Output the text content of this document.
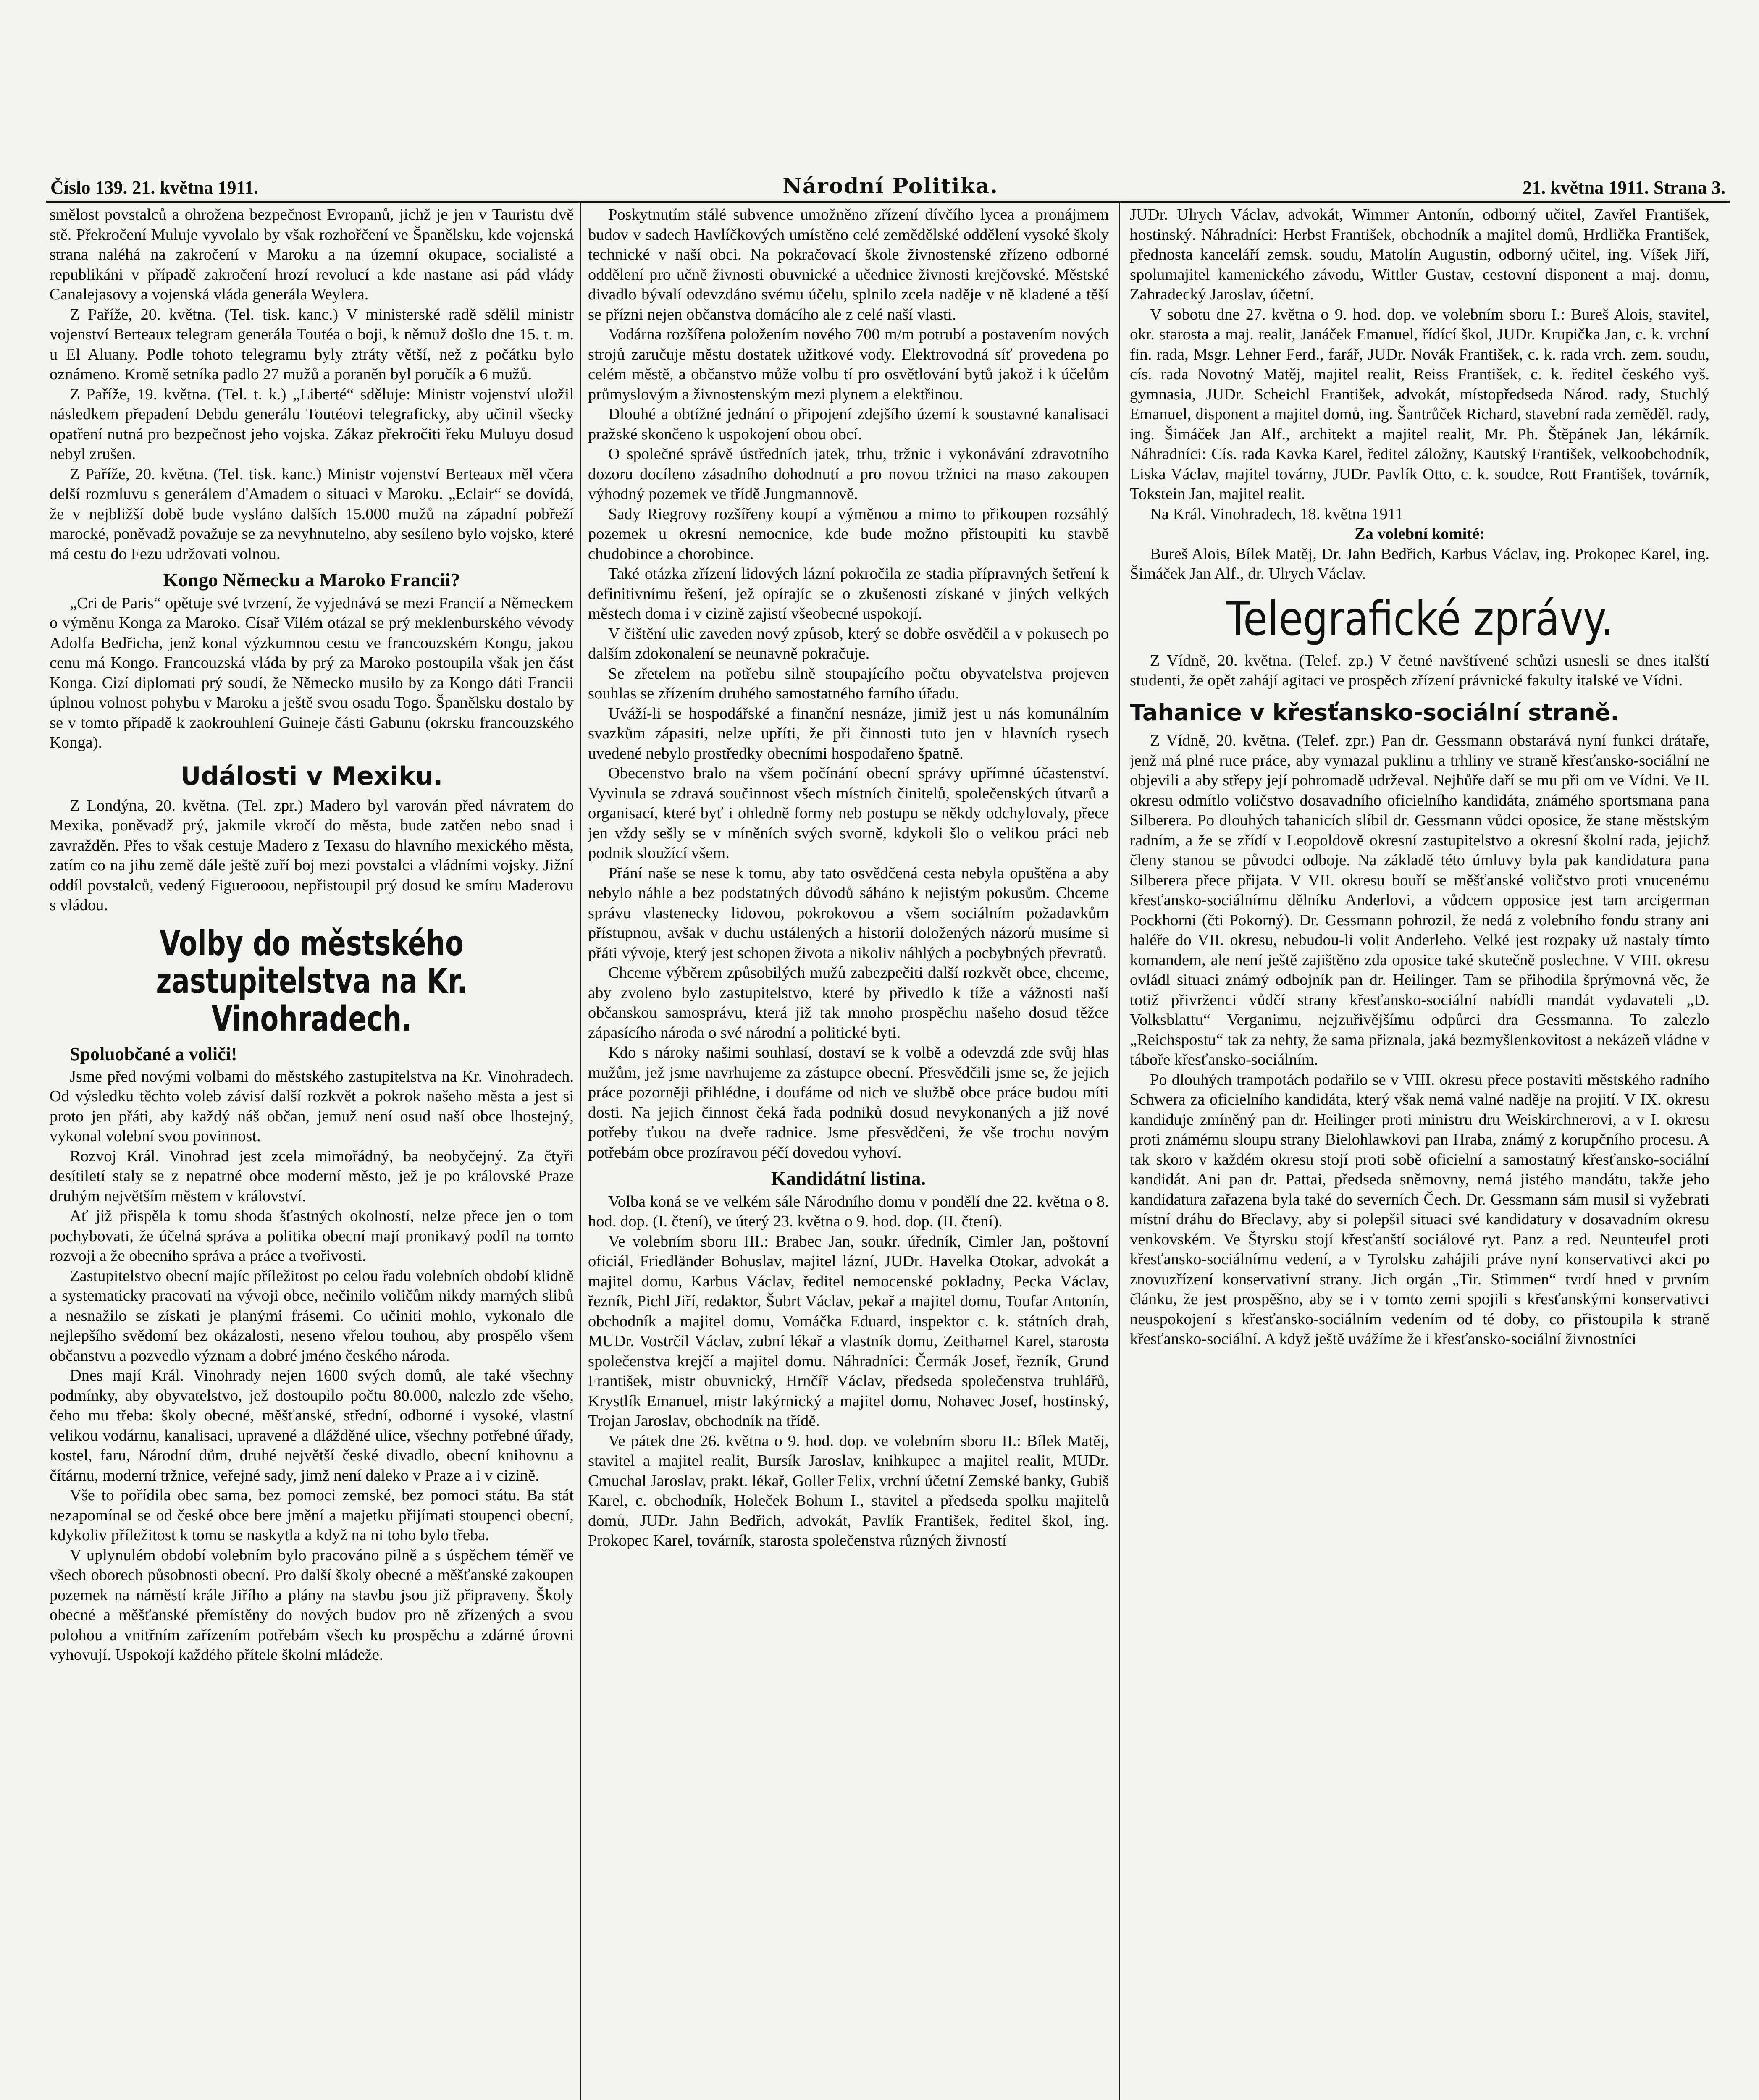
Číslo 139. 21. května 1911.	Národní Politika.	21. května 1911. Strana 3.

smělost povstalců a ohrožena bezpečnost Evropanů, jichž je jen v Tauristu dvě stě. Překročení Muluje vyvolalo by však rozhořčení ve Španělsku, kde vojenská strana naléhá na zakročení v Maroku a na územní okupace, socialisté a republikáni v případě zakročení hrozí revolucí a kde nastane asi pád vlády Canalejasovy a vojenská vláda generála Weylera.

Z Paříže, 20. května. (Tel. tisk. kanc.) V ministerské radě sdělil ministr vojenství Berteaux telegram generála Toutéa o boji, k němuž došlo dne 15. t. m. u El Aluany. Podle tohoto telegramu byly ztráty větší, než z počátku bylo oznámeno. Kromě setníka padlo 27 mužů a poraněn byl poručík a 6 mužů.

Z Paříže, 19. května. (Tel. t. k.) „Liberté“ sděluje: Ministr vojenství uložil následkem přepadení Debdu generálu Toutéovi telegraficky, aby učinil všecky opatření nutná pro bezpečnost jeho vojska. Zákaz překročiti řeku Muluyu dosud nebyl zrušen.

Z Paříže, 20. května. (Tel. tisk. kanc.) Ministr vojenství Berteaux měl včera delší rozmluvu s generálem d'Amadem o situaci v Maroku. „Eclair“ se dovídá, že v nejbližší době bude vysláno dalších 15.000 mužů na západní pobřeží marocké, poněvadž považuje se za nevyhnutelno, aby sesíleno bylo vojsko, které má cestu do Fezu udržovati volnou.

Kongo Německu a Maroko Francii?

„Cri de Paris“ opětuje své tvrzení, že vyjednává se mezi Francií a Německem o výměnu Konga za Maroko. Císař Vilém otázal se prý meklenburského vévody Adolfa Bedřicha, jenž konal výzkumnou cestu ve francouzském Kongu, jakou cenu má Kongo. Francouzská vláda by prý za Maroko postoupila však jen část Konga. Cizí diplomati prý soudí, že Německo musilo by za Kongo dáti Francii úplnou volnost pohybu v Maroku a ještě svou osadu Togo. Španělsku dostalo by se v tomto případě k zaokrouhlení Guineje části Gabunu (okrsku francouzského Konga).

Události v Mexiku.

Z Londýna, 20. května. (Tel. zpr.) Madero byl varován před návratem do Mexika, poněvadž prý, jakmile vkročí do města, bude zatčen nebo snad i zavražděn. Přes to však cestuje Madero z Texasu do hlavního mexického města, zatím co na jihu země dále ještě zuří boj mezi povstalci a vládními vojsky. Jižní oddíl povstalců, vedený Figuerooou, nepřistoupil prý dosud ke smíru Maderovu s vládou.

Volby do městského zastupitelstva na Kr. Vinohradech.
Spoluobčané a voliči!

Jsme před novými volbami do městského zastupitelstva na Kr. Vinohradech. Od výsledku těchto voleb závisí další rozkvět a pokrok našeho města a jest si proto jen přáti, aby každý náš občan, jemuž není osud naší obce lhostejný, vykonal volební svou povinnost.

Rozvoj Král. Vinohrad jest zcela mimořádný, ba neobyčejný. Za čtyři desítiletí staly se z nepatrné obce moderní město, jež je po královské Praze druhým největším městem v království.

Ať již přispěla k tomu shoda šťastných okolností, nelze přece jen o tom pochybovati, že účelná správa a politika obecní mají pronikavý podíl na tomto rozvoji a že obecního správa a práce a tvořivosti.

Zastupitelstvo obecní majíc příležitost po celou řadu volebních období klidně a systematicky pracovati na vývoji obce, nečinilo voličům nikdy marných slibů a nesnažilo se získati je planými frásemi. Co učiniti mohlo, vykonalo dle nejlepšího svědomí bez okázalosti, neseno vřelou touhou, aby prospělo všem občanstvu a pozvedlo význam a dobré jméno českého národa.

Dnes mají Král. Vinohrady nejen 1600 svých domů, ale také všechny podmínky, aby obyvatelstvo, jež dostoupilo počtu 80.000, nalezlo zde všeho, čeho mu třeba: školy obecné, měšťanské, střední, odborné i vysoké, vlastní velikou vodárnu, kanalisaci, upravené a dlážděné ulice, všechny potřebné úřady, kostel, faru, Národní dům, druhé největší české divadlo, obecní knihovnu a čítárnu, moderní tržnice, veřejné sady, jimž není daleko v Praze a i v cizině.

Vše to pořídila obec sama, bez pomoci zemské, bez pomoci státu. Ba stát nezapomínal se od české obce bere jmění a majetku přijímati stoupenci obecní, kdykoliv příležitost k tomu se naskytla a když na ni toho bylo třeba.

V uplynulém období volebním bylo pracováno pilně a s úspěchem téměř ve všech oborech působnosti obecní. Pro další školy obecné a měšťanské zakoupen pozemek na náměstí krále Jiřího a plány na stavbu jsou již připraveny. Školy obecné a měšťanské přemístěny do nových budov pro ně zřízených a svou polohou a vnitřním zařízením potřebám všech ku prospěchu a zdárné úrovni vyhovují. Uspokojí každého přítele školní mládeže.

Poskytnutím stálé subvence umožněno zřízení dívčího lycea a pronájmem budov v sadech Havlíčkových umístěno celé zemědělské oddělení vysoké školy technické v naší obci. Na pokračovací škole živnostenské zřízeno odborné oddělení pro učně živnosti obuvnické a učednice živnosti krejčovské. Městské divadlo bývalí odevzdáno svému účelu, splnilo zcela naděje v ně kladené a těší se přízni nejen občanstva domácího ale z celé naší vlasti.

Vodárna rozšířena položením nového 700 m/m potrubí a postavením nových strojů zaručuje městu dostatek užitkové vody. Elektrovodná síť provedena po celém městě, a občanstvo může volbu tí pro osvětlování bytů jakož i k účelům průmyslovým a živnostenským mezi plynem a elektřinou.

Dlouhé a obtížné jednání o připojení zdejšího území k soustavné kanalisaci pražské skončeno k uspokojení obou obcí.

O společné správě ústředních jatek, trhu, tržnic i vykonávání zdravotního dozoru docíleno zásadního dohodnutí a pro novou tržnici na maso zakoupen výhodný pozemek ve třídě Jungmannově.

Sady Riegrovy rozšířeny koupí a výměnou a mimo to přikoupen rozsáhlý pozemek u okresní nemocnice, kde bude možno přistoupiti ku stavbě chudobince a chorobince.

Také otázka zřízení lidových lázní pokročila ze stadia přípravných šetření k definitivnímu řešení, jež opírajíc se o zkušenosti získané v jiných velkých městech doma i v cizině zajistí všeobecné uspokojí.

V čištění ulic zaveden nový způsob, který se dobře osvědčil a v pokusech po dalším zdokonalení se neunavně pokračuje.

Se zřetelem na potřebu silně stoupajícího počtu obyvatelstva projeven souhlas se zřízením druhého samostatného farního úřadu.

Uváží-li se hospodářské a finanční nesnáze, jimiž jest u nás komunálním svazkům zápasiti, nelze upříti, že při činnosti tuto jen v hlavních rysech uvedené nebylo prostředky obecními hospodařeno špatně.

Obecenstvo bralo na všem počínání obecní správy upřímné účastenství. Vyvinula se zdravá součinnost všech místních činitelů, společenských útvarů a organisací, které byť i ohledně formy neb postupu se někdy odchylovaly, přece jen vždy sešly se v míněních svých svorně, kdykoli šlo o velikou práci neb podnik sloužící všem.

Přání naše se nese k tomu, aby tato osvědčená cesta nebyla opuštěna a aby nebylo náhle a bez podstatných důvodů sáháno k nejistým pokusům. Chceme správu vlastenecky lidovou, pokrokovou a všem sociálním požadavkům přístupnou, avšak v duchu ustálených a historií doložených názorů musíme si přáti vývoje, který jest schopen života a nikoliv náhlých a pocbybných převratů.

Chceme výběrem způsobilých mužů zabezpečiti další rozkvět obce, chceme, aby zvoleno bylo zastupitelstvo, které by přivedlo k tíže a vážnosti naší občanskou samosprávu, která již tak mnoho prospěchu našeho dosud těžce zápasícího národa o své národní a politické byti.

Kdo s nároky našimi souhlasí, dostaví se k volbě a odevzdá zde svůj hlas mužům, jež jsme navrhujeme za zástupce obecní. Přesvědčili jsme se, že jejich práce pozorněji přihlédne, i doufáme od nich ve službě obce práce budou míti dosti. Na jejich činnost čeká řada podniků dosud nevykonaných a již nové potřeby ťukou na dveře radnice. Jsme přesvědčeni, že vše trochu novým potřebám obce prozíravou péčí dovedou vyhoví.

Kandidátní listina.

Volba koná se ve velkém sále Národního domu v pondělí dne 22. května o 8. hod. dop. (I. čtení), ve úterý 23. května o 9. hod. dop. (II. čtení).

Ve volebním sboru III.: Brabec Jan, soukr. úředník, Cimler Jan, poštovní oficiál, Friedländer Bohuslav, majitel lázní, JUDr. Havelka Otokar, advokát a majitel domu, Karbus Václav, ředitel nemocenské pokladny, Pecka Václav, řezník, Pichl Jiří, redaktor, Šubrt Václav, pekař a majitel domu, Toufar Antonín, obchodník a majitel domu, Vomáčka Eduard, inspektor c. k. státních drah, MUDr. Vostrčil Václav, zubní lékař a vlastník domu, Zeithamel Karel, starosta společenstva krejčí a majitel domu. Náhradníci: Čermák Josef, řezník, Grund František, mistr obuvnický, Hrnčíř Václav, předseda společenstva truhlářů, Krystlík Emanuel, mistr lakýrnický a majitel domu, Nohavec Josef, hostinský, Trojan Jaroslav, obchodník na třídě.

Ve pátek dne 26. května o 9. hod. dop. ve volebním sboru II.: Bílek Matěj, stavitel a majitel realit, Bursík Jaroslav, knihkupec a majitel realit, MUDr. Cmuchal Jaroslav, prakt. lékař, Goller Felix, vrchní účetní Zemské banky, Gubiš Karel, c. obchodník, Holeček Bohum I., stavitel a předseda spolku majitelů domů, JUDr. Jahn Bedřich, advokát, Pavlík František, ředitel škol, ing. Prokopec Karel, továrník, starosta společenstva různých živností

JUDr. Ulrych Václav, advokát, Wimmer Antonín, odborný učitel, Zavřel František, hostinský. Náhradníci: Herbst František, obchodník a majitel domů, Hrdlička František, přednosta kanceláří zemsk. soudu, Matolín Augustin, odborný učitel, ing. Víšek Jiří, spolumajitel kamenického závodu, Wittler Gustav, cestovní disponent a maj. domu, Zahradecký Jaroslav, účetní.

V sobotu dne 27. května o 9. hod. dop. ve volebním sboru I.: Bureš Alois, stavitel, okr. starosta a maj. realit, Janáček Emanuel, řídící škol, JUDr. Krupička Jan, c. k. vrchní fin. rada, Msgr. Lehner Ferd., farář, JUDr. Novák František, c. k. rada vrch. zem. soudu, cís. rada Novotný Matěj, majitel realit, Reiss František, c. k. ředitel českého vyš. gymnasia, JUDr. Scheichl František, advokát, místopředseda Národ. rady, Stuchlý Emanuel, disponent a majitel domů, ing. Šantrůček Richard, stavební rada zeměděl. rady, ing. Šimáček Jan Alf., architekt a majitel realit, Mr. Ph. Štěpánek Jan, lékárník. Náhradníci: Cís. rada Kavka Karel, ředitel záložny, Kautský František, velkoobchodník, Liska Václav, majitel továrny, JUDr. Pavlík Otto, c. k. soudce, Rott František, továrník, Tokstein Jan, majitel realit.

Na Král. Vinohradech, 18. května 1911

Za volební komité:

Bureš Alois, Bílek Matěj, Dr. Jahn Bedřich, Karbus Václav, ing. Prokopec Karel, ing. Šimáček Jan Alf., dr. Ulrych Václav.

Telegrafické zprávy.

Z Vídně, 20. května. (Telef. zp.) V četné navštívené schůzi usnesli se dnes italští studenti, že opět zahájí agitaci ve prospěch zřízení právnické fakulty italské ve Vídni.

Tahanice v křesťansko-sociální straně.

Z Vídně, 20. května. (Telef. zpr.) Pan dr. Gessmann obstarává nyní funkci drátaře, jenž má plné ruce práce, aby vymazal puklinu a trhliny ve straně křesťansko-sociální ne objevili a aby střepy její pohromadě udrževal. Nejhůře daří se mu při om ve Vídni. Ve II. okresu odmítlo voličstvo dosavadního oficielního kandidáta, známého sportsmana pana Silberera. Po dlouhých tahanicích slíbil dr. Gessmann vůdci oposice, že stane městským radním, a že se zřídí v Leopoldově okresní zastupitelstvo a okresní školní rada, jejichž členy stanou se původci odboje. Na základě této úmluvy byla pak kandidatura pana Silberera přece přijata. V VII. okresu bouří se měšťanské voličstvo proti vnucenému křesťansko-sociálnímu dělníku Anderlovi, a vůdcem opposice jest tam arcigerman Pockhorni (čti Pokorný). Dr. Gessmann pohrozil, že nedá z volebního fondu strany ani haléře do VII. okresu, nebudou-li volit Anderleho. Velké jest rozpaky už nastaly tímto komandem, ale není ještě zajištěno zda oposice také skutečně poslechne. V VIII. okresu ovládl situaci známý odbojník pan dr. Heilinger. Tam se přihodila šprýmovná věc, že totiž přivrženci vůdčí strany křesťansko-sociální nabídli mandát vydavateli „D. Volksblattu“ Verganimu, nejzuřivějšímu odpůrci dra Gessmanna. To zalezlo „Reichspostu“ tak za nehty, že sama přiznala, jaká bezmyšlenkovitost a nekázeň vládne v táboře křesťansko-sociálním.

Po dlouhých trampotách podařilo se v VIII. okresu přece postaviti městského radního Schwera za oficielního kandidáta, který však nemá valné naděje na projití. V IX. okresu kandiduje zmíněný pan dr. Heilinger proti ministru dru Weiskirchnerovi, a v I. okresu proti známému sloupu strany Bielohlawkovi pan Hraba, známý z korupčního procesu. A tak skoro v každém okresu stojí proti sobě oficielní a samostatný křesťansko-sociální kandidát. Ani pan dr. Pattai, předseda sněmovny, nemá jistého mandátu, takže jeho kandidatura zařazena byla také do severních Čech. Dr. Gessmann sám musil si vyžebrati místní dráhu do Břeclavy, aby si polepšil situaci své kandidatury v dosavadním okresu venkovském. Ve Štyrsku stojí křesťanští sociálové ryt. Panz a red. Neunteufel proti křesťansko-sociálnímu vedení, a v Tyrolsku zahájili práve nyní konservativci akci po znovuzřízení konservativní strany. Jich orgán „Tir. Stimmen“ tvrdí hned v prvním článku, že jest prospěšno, aby se i v tomto zemi spojili s křesťanskými konservativci neuspokojení s křesťansko-sociálním vedením od té doby, co přistoupila k straně křesťansko-sociální. A když ještě uvážíme že i křesťansko-sociální živnostníci
